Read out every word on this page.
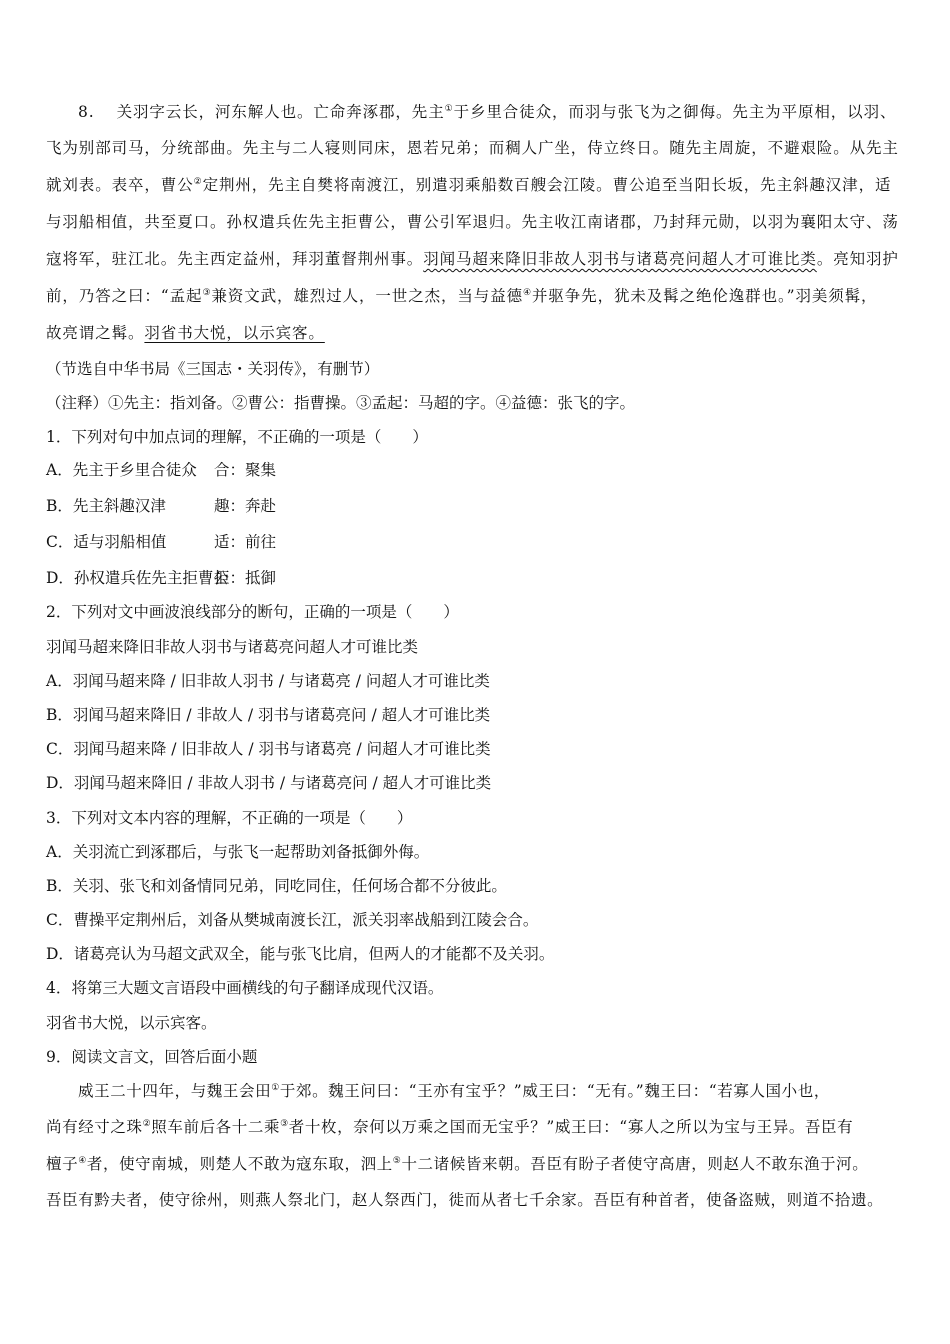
8. 关羽字云长，河东解人也。亡命奔涿郡，先主①于乡里合徒众，而羽与张飞为之御侮。先主为平原相，以羽、
飞为别部司马，分统部曲。先主与二人寝则同床，恩若兄弟；而稠人广坐，侍立终日。随先主周旋，不避艰险。从先主
就刘表。表卒，曹公②定荆州，先主自樊将南渡江，别遣羽乘船数百艘会江陵。曹公追至当阳长坂，先主斜趣汉津，适
与羽船相值，共至夏口。孙权遣兵佐先主拒曹公，曹公引军退归。先主收江南诸郡，乃封拜元勋，以羽为襄阳太守、荡
寇将军，驻江北。先主西定益州，拜羽董督荆州事。羽闻马超来降旧非故人羽书与诸葛亮问超人才可谁比类。亮知羽护
前，乃答之曰：“孟起③兼资文武，雄烈过人，一世之杰，当与益德④并驱争先，犹未及髯之绝伦逸群也。”羽美须髯，
故亮谓之髯。羽省书大悦，以示宾客。
（节选自中华书局《三国志・关羽传》，有删节）
（注释）①先主：指刘备。②曹公：指曹操。③孟起：马超的字。④益德：张飞的字。
1．下列对句中加点词的理解，不正确的一项是（　　）
A．先主于乡里合徒众 合：聚集
B．先主斜趣汉津	趣：奔赴
C．适与羽船相值	适：前往
D．孙权遣兵佐先主拒曹公拒：抵御
2．下列对文中画波浪线部分的断句，正确的一项是（　　）
羽闻马超来降旧非故人羽书与诸葛亮问超人才可谁比类
A．羽闻马超来降 / 旧非故人羽书 / 与诸葛亮 / 问超人才可谁比类
B．羽闻马超来降旧 / 非故人 / 羽书与诸葛亮问 / 超人才可谁比类
C．羽闻马超来降 / 旧非故人 / 羽书与诸葛亮 / 问超人才可谁比类
D．羽闻马超来降旧 / 非故人羽书 / 与诸葛亮问 / 超人才可谁比类
3．下列对文本内容的理解，不正确的一项是（　　）
A．关羽流亡到涿郡后，与张飞一起帮助刘备抵御外侮。
B．关羽、张飞和刘备情同兄弟，同吃同住，任何场合都不分彼此。
C．曹操平定荆州后，刘备从樊城南渡长江，派关羽率战船到江陵会合。
D．诸葛亮认为马超文武双全，能与张飞比肩，但两人的才能都不及关羽。
4．将第三大题文言语段中画横线的句子翻译成现代汉语。
羽省书大悦，以示宾客。
9．阅读文言文，回答后面小题
威王二十四年，与魏王会田①于郊。魏王问曰：“王亦有宝乎？”威王曰：“无有。”魏王曰：“若寡人国小也，
尚有经寸之珠②照车前后各十二乘③者十枚，奈何以万乘之国而无宝乎？”威王曰：“寡人之所以为宝与王异。吾臣有
檀子④者，使守南城，则楚人不敢为寇东取，泗上⑤十二诸候皆来朝。吾臣有盼子者使守高唐，则赵人不敢东渔于河。
吾臣有黔夫者，使守徐州，则燕人祭北门，赵人祭西门，徙而从者七千余家。吾臣有种首者，使备盗贼，则道不拾遗。
